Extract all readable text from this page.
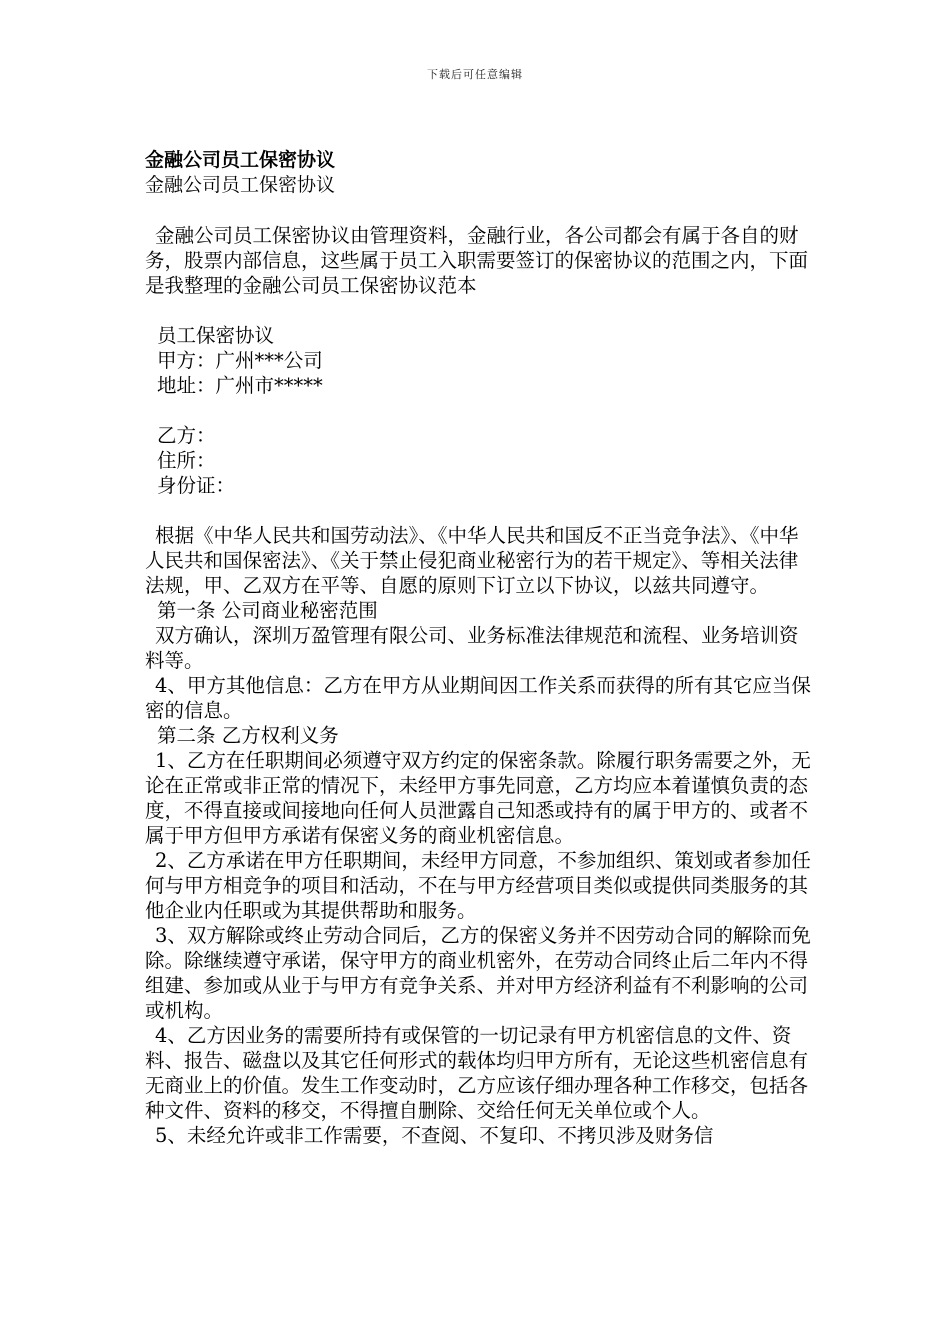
下载后可任意编辑

金融公司员工保密协议

金融公司员工保密协议

金融公司员工保密协议由管理资料，金融行业，各公司都会有属于各自的财务，股票内部信息，这些属于员工入职需要签订的保密协议的范围之内，下面是我整理的金融公司员工保密协议范本

员工保密协议

甲方：广州***公司

地址：广州市*****

乙方：

住所：

身份证：

根据《中华人民共和国劳动法》、《中华人民共和国反不正当竞争法》、《中华人民共和国保密法》、《关于禁止侵犯商业秘密行为的若干规定》、等相关法律法规，甲、乙双方在平等、自愿的原则下订立以下协议，以兹共同遵守。

第一条 公司商业秘密范围

双方确认，深圳万盈管理有限公司、业务标准法律规范和流程、业务培训资料等。

4、甲方其他信息：乙方在甲方从业期间因工作关系而获得的所有其它应当保密的信息。

第二条 乙方权利义务

1、乙方在任职期间必须遵守双方约定的保密条款。除履行职务需要之外，无论在正常或非正常的情况下，未经甲方事先同意，乙方均应本着谨慎负责的态度，不得直接或间接地向任何人员泄露自己知悉或持有的属于甲方的、或者不属于甲方但甲方承诺有保密义务的商业机密信息。

2、乙方承诺在甲方任职期间，未经甲方同意，不参加组织、策划或者参加任何与甲方相竞争的项目和活动，不在与甲方经营项目类似或提供同类服务的其他企业内任职或为其提供帮助和服务。

3、双方解除或终止劳动合同后，乙方的保密义务并不因劳动合同的解除而免除。除继续遵守承诺，保守甲方的商业机密外，在劳动合同终止后二年内不得组建、参加或从业于与甲方有竞争关系、并对甲方经济利益有不利影响的公司或机构。

4、乙方因业务的需要所持有或保管的一切记录有甲方机密信息的文件、资料、报告、磁盘以及其它任何形式的载体均归甲方所有，无论这些机密信息有无商业上的价值。发生工作变动时，乙方应该仔细办理各种工作移交，包括各种文件、资料的移交，不得擅自删除、交给任何无关单位或个人。

5、未经允许或非工作需要，不查阅、不复印、不拷贝涉及财务信
